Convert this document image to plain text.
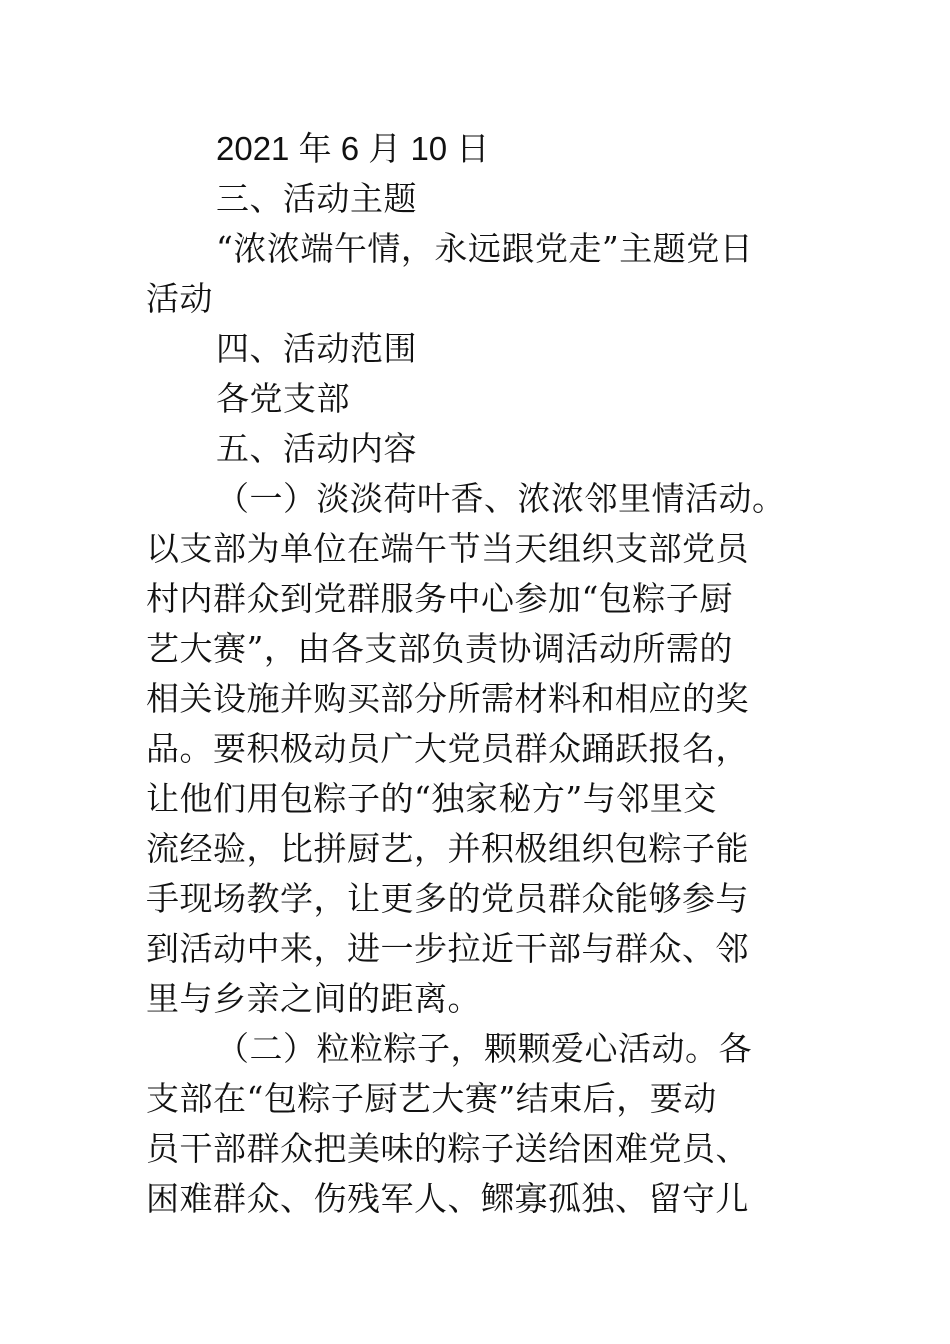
2021 年 6 月 10 日
三、活动主题
“浓浓端午情，永远跟党走”主题党日
活动
四、活动范围
各党支部
五、活动内容
（一）淡淡荷叶香、浓浓邻里情活动。
以支部为单位在端午节当天组织支部党员
村内群众到党群服务中心参加“包粽子厨
艺大赛”，由各支部负责协调活动所需的
相关设施并购买部分所需材料和相应的奖
品。要积极动员广大党员群众踊跃报名，
让他们用包粽子的“独家秘方”与邻里交
流经验，比拼厨艺，并积极组织包粽子能
手现场教学，让更多的党员群众能够参与
到活动中来，进一步拉近干部与群众、邻
里与乡亲之间的距离。
（二）粒粒粽子，颗颗爱心活动。各
支部在“包粽子厨艺大赛”结束后，要动
员干部群众把美味的粽子送给困难党员、
困难群众、伤残军人、鳏寡孤独、留守儿
